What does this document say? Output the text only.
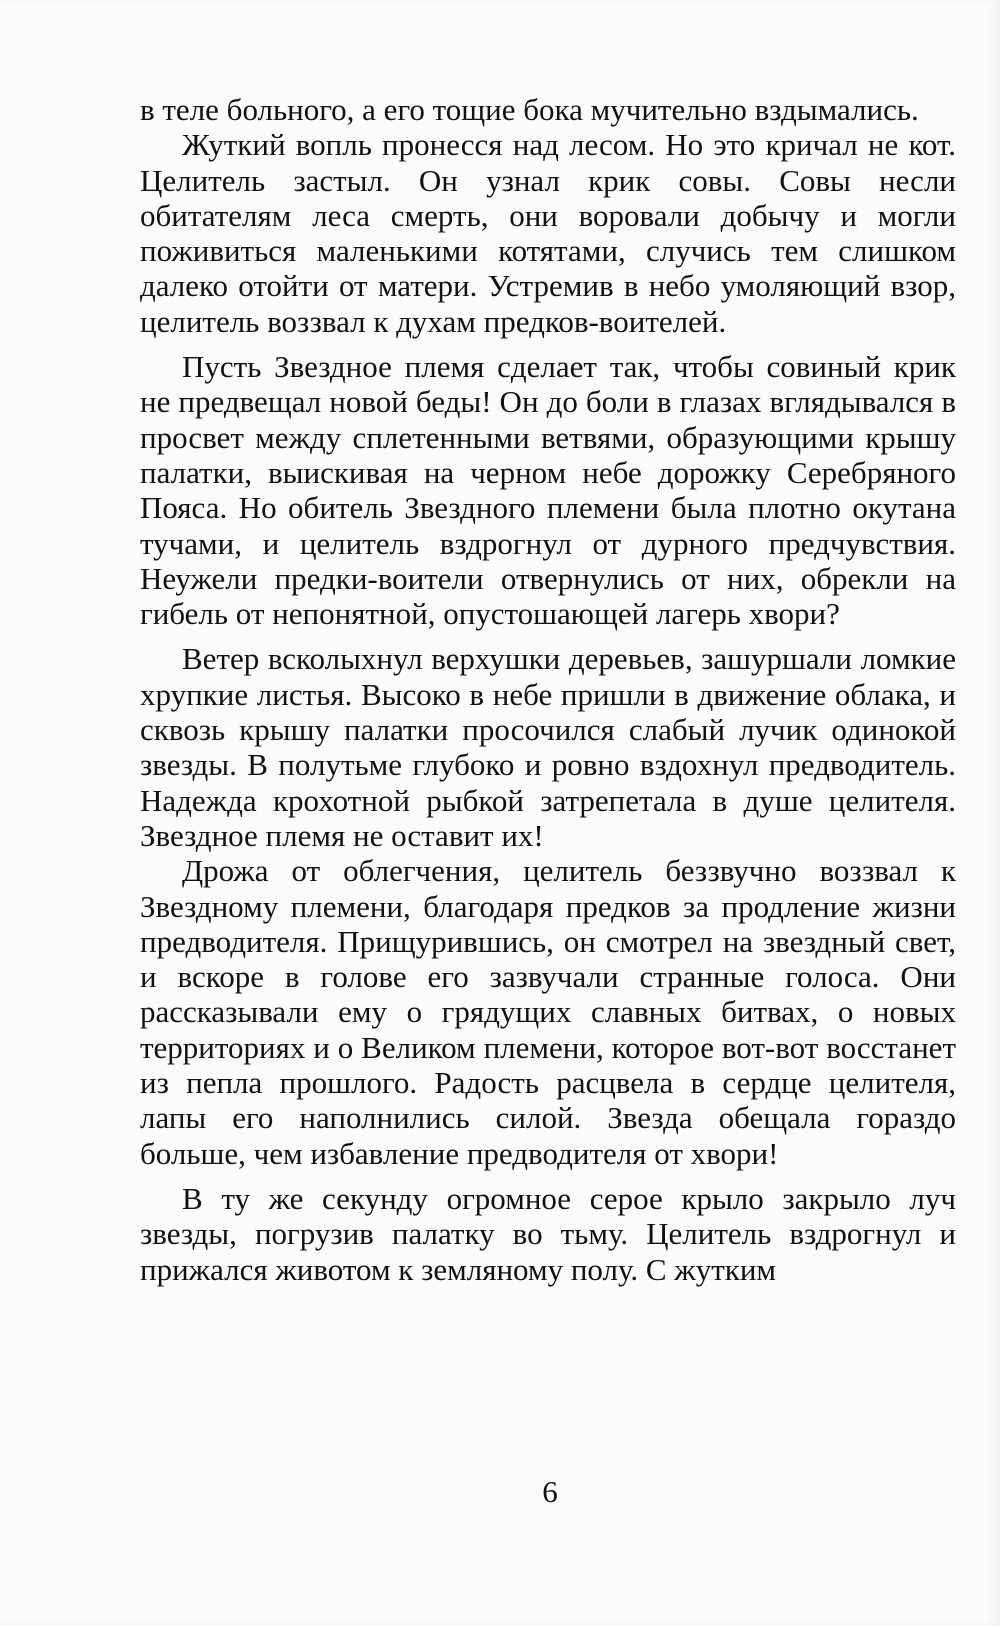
в теле больного, а его тощие бока мучительно вздымались.

Жуткий вопль пронесся над лесом. Но это кричал не кот. Целитель застыл. Он узнал крик совы. Совы несли обитателям леса смерть, они воровали добычу и могли поживиться маленькими котятами, случись тем слишком далеко отойти от матери. Устремив в небо умоляющий взор, целитель воззвал к духам предков-воителей.

Пусть Звездное племя сделает так, чтобы совиный крик не предвещал новой беды! Он до боли в глазах вглядывался в просвет между сплетенными ветвями, образующими крышу палатки, выискивая на черном небе дорожку Серебряного Пояса. Но обитель Звездного племени была плотно окутана тучами, и целитель вздрогнул от дурного предчувствия. Неужели предки-воители отвернулись от них, обрекли на гибель от непонятной, опустошающей лагерь хвори?

Ветер всколыхнул верхушки деревьев, зашуршали ломкие хрупкие листья. Высоко в небе пришли в движение облака, и сквозь крышу палатки просочился слабый лучик одинокой звезды. В полутьме глубоко и ровно вздохнул предводитель. Надежда крохотной рыбкой затрепетала в душе целителя. Звездное племя не оставит их!

Дрожа от облегчения, целитель беззвучно воззвал к Звездному племени, благодаря предков за продление жизни предводителя. Прищурившись, он смотрел на звездный свет, и вскоре в голове его зазвучали странные голоса. Они рассказывали ему о грядущих славных битвах, о новых территориях и о Великом племени, которое вот-вот восстанет из пепла прошлого. Радость расцвела в сердце целителя, лапы его наполнились силой. Звезда обещала гораздо больше, чем избавление предводителя от хвори!

В ту же секунду огромное серое крыло закрыло луч звезды, погрузив палатку во тьму. Целитель вздрогнул и прижался животом к земляному полу. С жутким

6
